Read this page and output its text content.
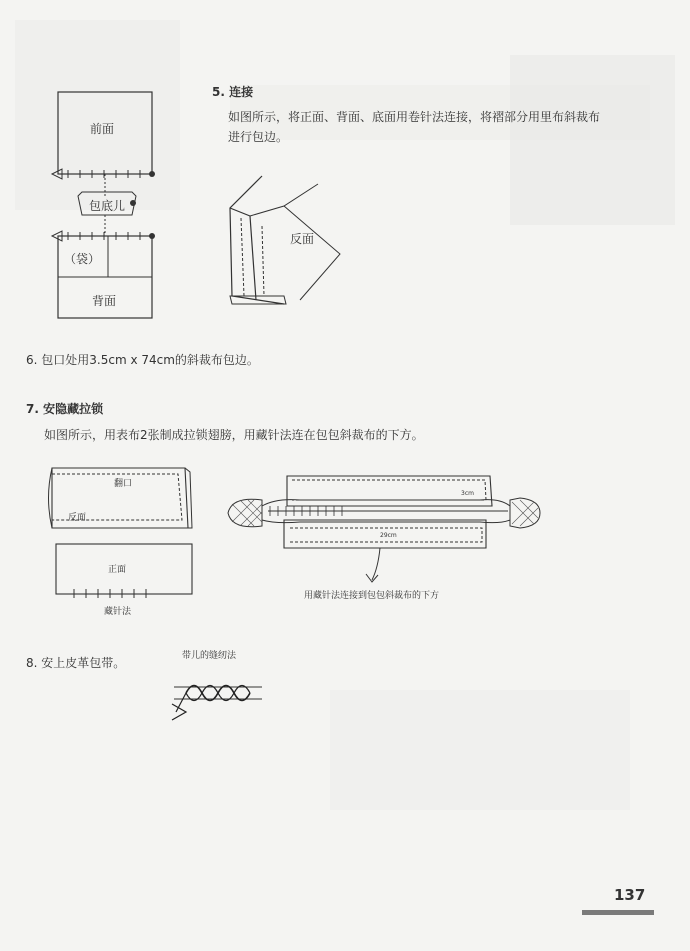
5. 连接
如图所示，将正面、背面、底面用卷针法连接，将褶部分用里布斜裁布
进行包边。
前面
包底儿
（袋）
背面
反面
6. 包口处用3.5cm x 74cm的斜裁布包边。
7. 安隐藏拉锁
如图所示，用表布2张制成拉锁翅膀，用藏针法连在包包斜裁布的下方。
翻口
反面
正面
藏针法
3cm
29cm
用藏针法连接到包包斜裁布的下方
8. 安上皮革包带。	带儿的缝纫法
137
